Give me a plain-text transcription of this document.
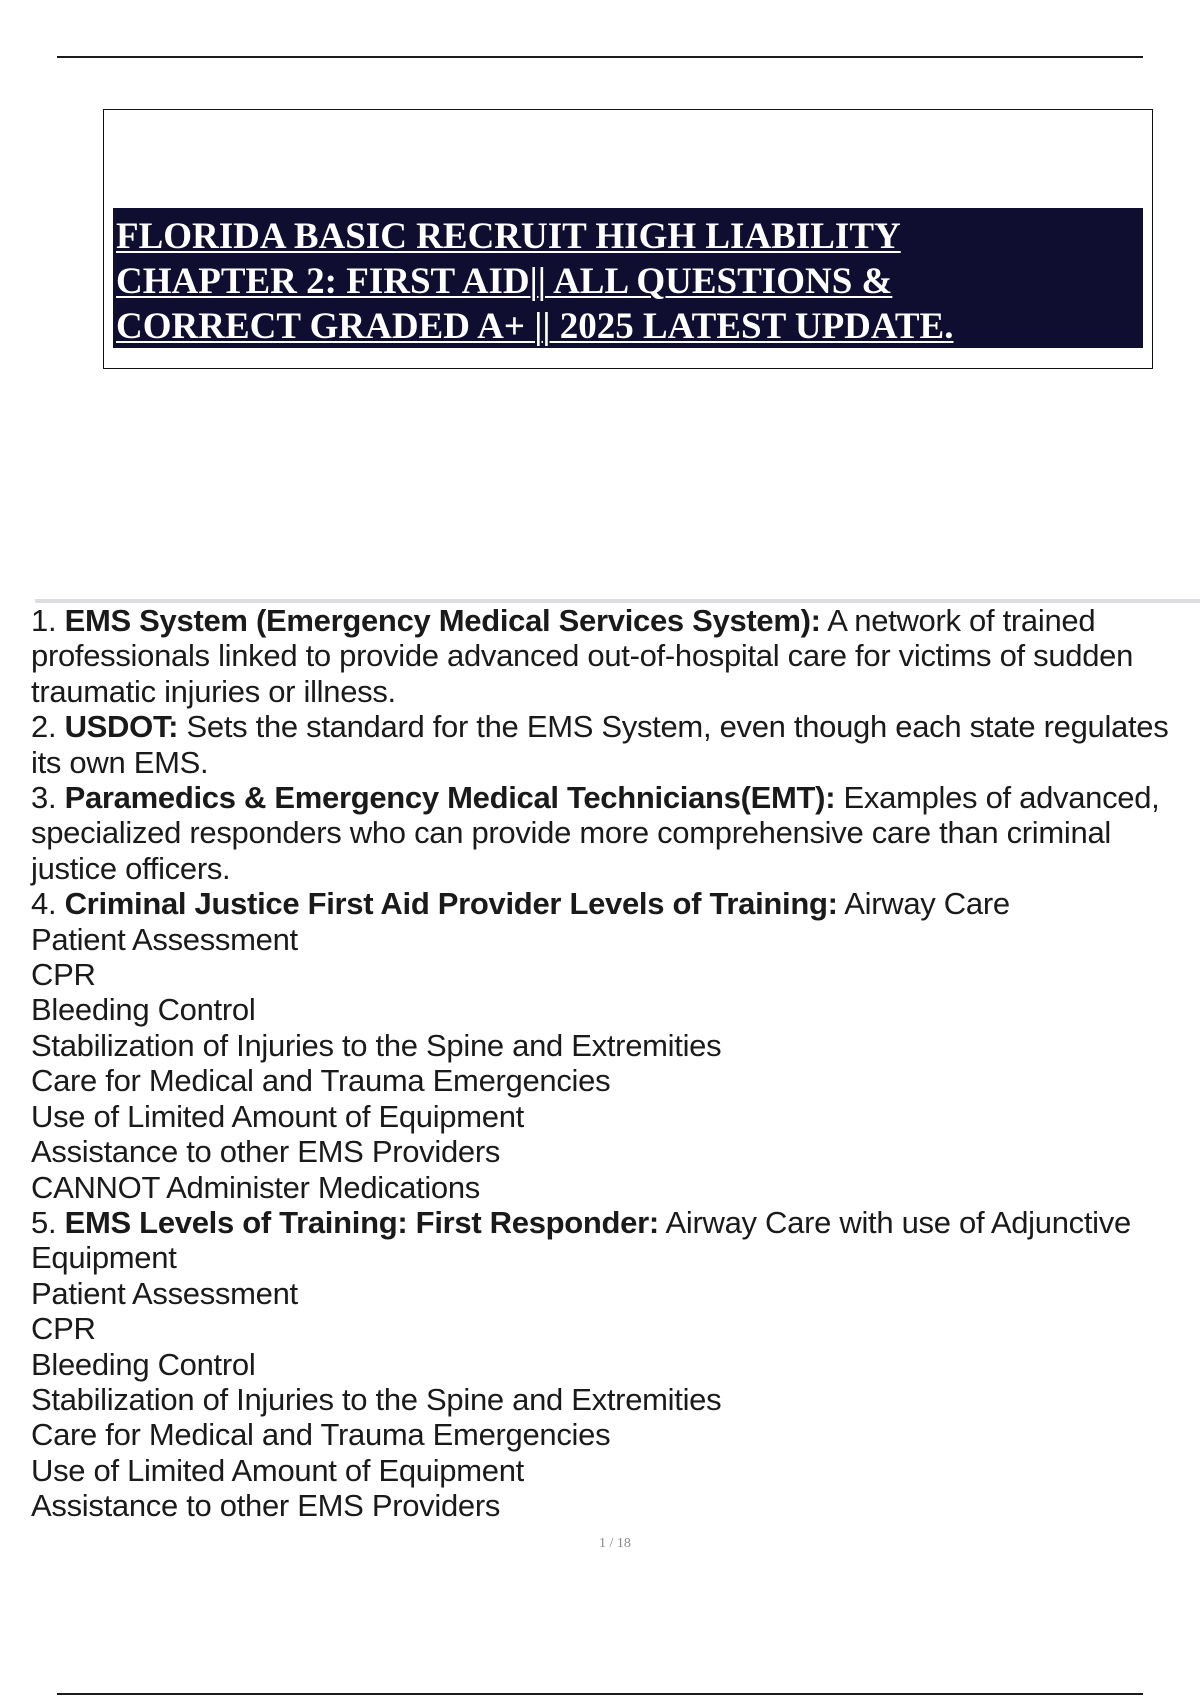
FLORIDA BASIC RECRUIT HIGH LIABILITY
CHAPTER 2: FIRST AID|| ALL QUESTIONS &
CORRECT GRADED A+ || 2025 LATEST UPDATE.

1. EMS System (Emergency Medical Services System): A network of trained professionals linked to provide advanced out-of-hospital care for victims of sudden traumatic injuries or illness.

2. USDOT: Sets the standard for the EMS System, even though each state regulates its own EMS.

3. Paramedics & Emergency Medical Technicians(EMT): Examples of advanced, specialized responders who can provide more comprehensive care than criminal justice officers.

4. Criminal Justice First Aid Provider Levels of Training: Airway Care
Patient Assessment
CPR
Bleeding Control
Stabilization of Injuries to the Spine and Extremities
Care for Medical and Trauma Emergencies
Use of Limited Amount of Equipment
Assistance to other EMS Providers
CANNOT Administer Medications

5. EMS Levels of Training: First Responder: Airway Care with use of Adjunctive Equipment
Patient Assessment
CPR
Bleeding Control
Stabilization of Injuries to the Spine and Extremities
Care for Medical and Trauma Emergencies
Use of Limited Amount of Equipment
Assistance to other EMS Providers

1 / 18
